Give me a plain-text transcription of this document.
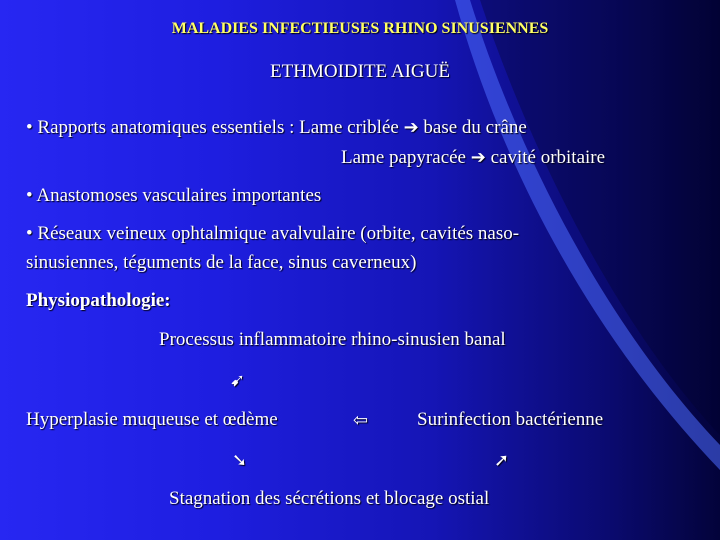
MALADIES INFECTIEUSES RHINO SINUSIENNES
ETHMOIDITE AIGUË
• Rapports anatomiques essentiels : Lame criblée ➔ base du crâne
Lame papyracée ➔ cavité orbitaire
• Anastomoses vasculaires importantes
• Réseaux veineux ophtalmique avalvulaire (orbite, cavités naso-
sinusiennes, téguments de la face, sinus caverneux)
Physiopathologie:
Processus inflammatoire rhino-sinusien banal
➹
Hyperplasie muqueuse et œdème	⇦	Surinfection bactérienne
➘	➚
Stagnation des sécrétions et blocage ostial
